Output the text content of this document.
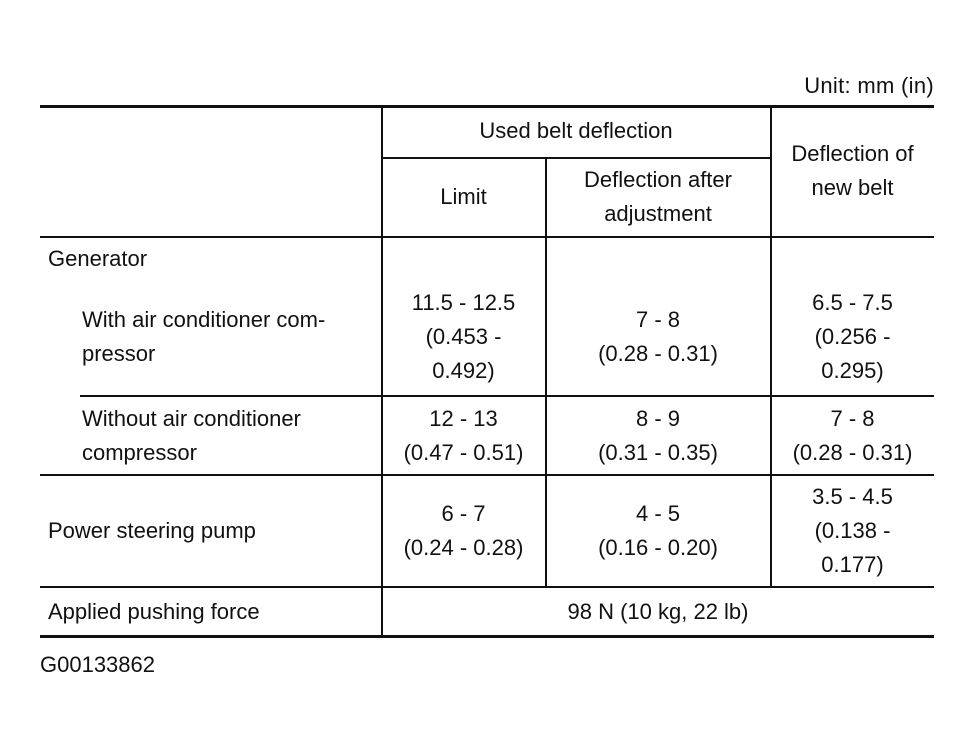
Unit: mm (in)
Used belt deflection
Limit
Deflection after
adjustment
Deflection of
new belt
Generator
With air conditioner com-
pressor
11.5 - 12.5
(0.453 -
0.492)
7 - 8
(0.28 - 0.31)
6.5 - 7.5
(0.256 -
0.295)
Without air conditioner
compressor
12 - 13
(0.47 - 0.51)
8 - 9
(0.31 - 0.35)
7 - 8
(0.28 - 0.31)
Power steering pump
6 - 7
(0.24 - 0.28)
4 - 5
(0.16 - 0.20)
3.5 - 4.5
(0.138 -
0.177)
Applied pushing force	98 N (10 kg, 22 lb)
G00133862
